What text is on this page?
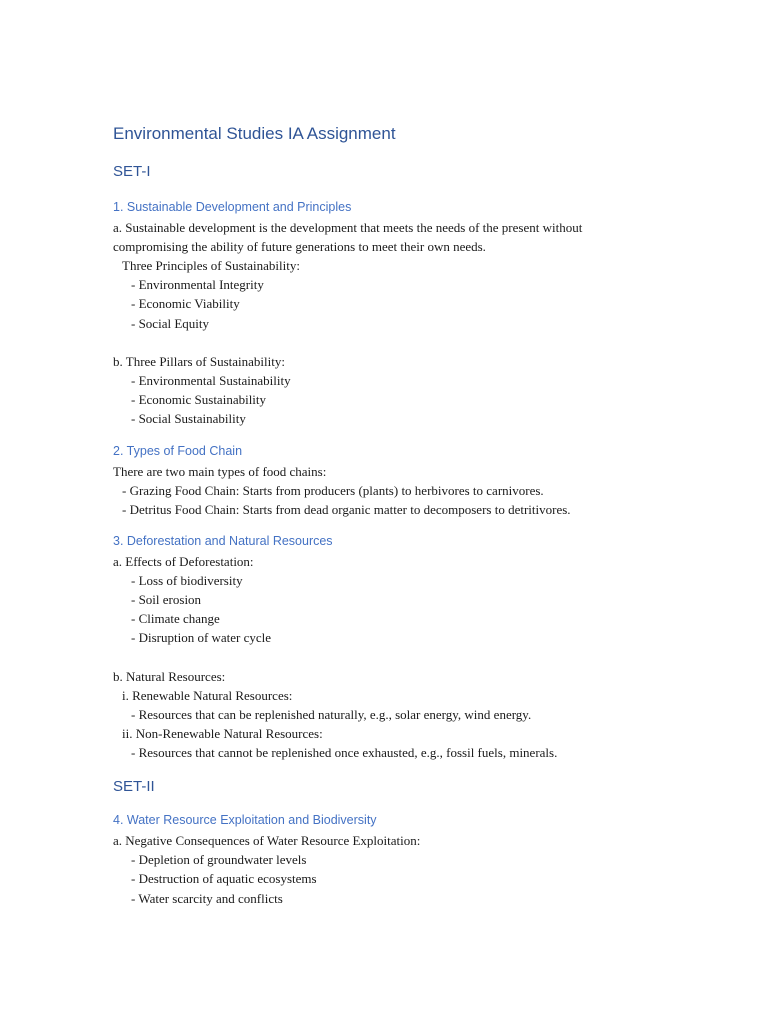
Environmental Studies IA Assignment
SET-I
1. Sustainable Development and Principles
a. Sustainable development is the development that meets the needs of the present without
compromising the ability of future generations to meet their own needs.
Three Principles of Sustainability:
- Environmental Integrity
- Economic Viability
- Social Equity
b. Three Pillars of Sustainability:
- Environmental Sustainability
- Economic Sustainability
- Social Sustainability
2. Types of Food Chain
There are two main types of food chains:
- Grazing Food Chain: Starts from producers (plants) to herbivores to carnivores.
- Detritus Food Chain: Starts from dead organic matter to decomposers to detritivores.
3. Deforestation and Natural Resources
a. Effects of Deforestation:
- Loss of biodiversity
- Soil erosion
- Climate change
- Disruption of water cycle
b. Natural Resources:
i. Renewable Natural Resources:
- Resources that can be replenished naturally, e.g., solar energy, wind energy.
ii. Non-Renewable Natural Resources:
- Resources that cannot be replenished once exhausted, e.g., fossil fuels, minerals.
SET-II
4. Water Resource Exploitation and Biodiversity
a. Negative Consequences of Water Resource Exploitation:
- Depletion of groundwater levels
- Destruction of aquatic ecosystems
- Water scarcity and conflicts
